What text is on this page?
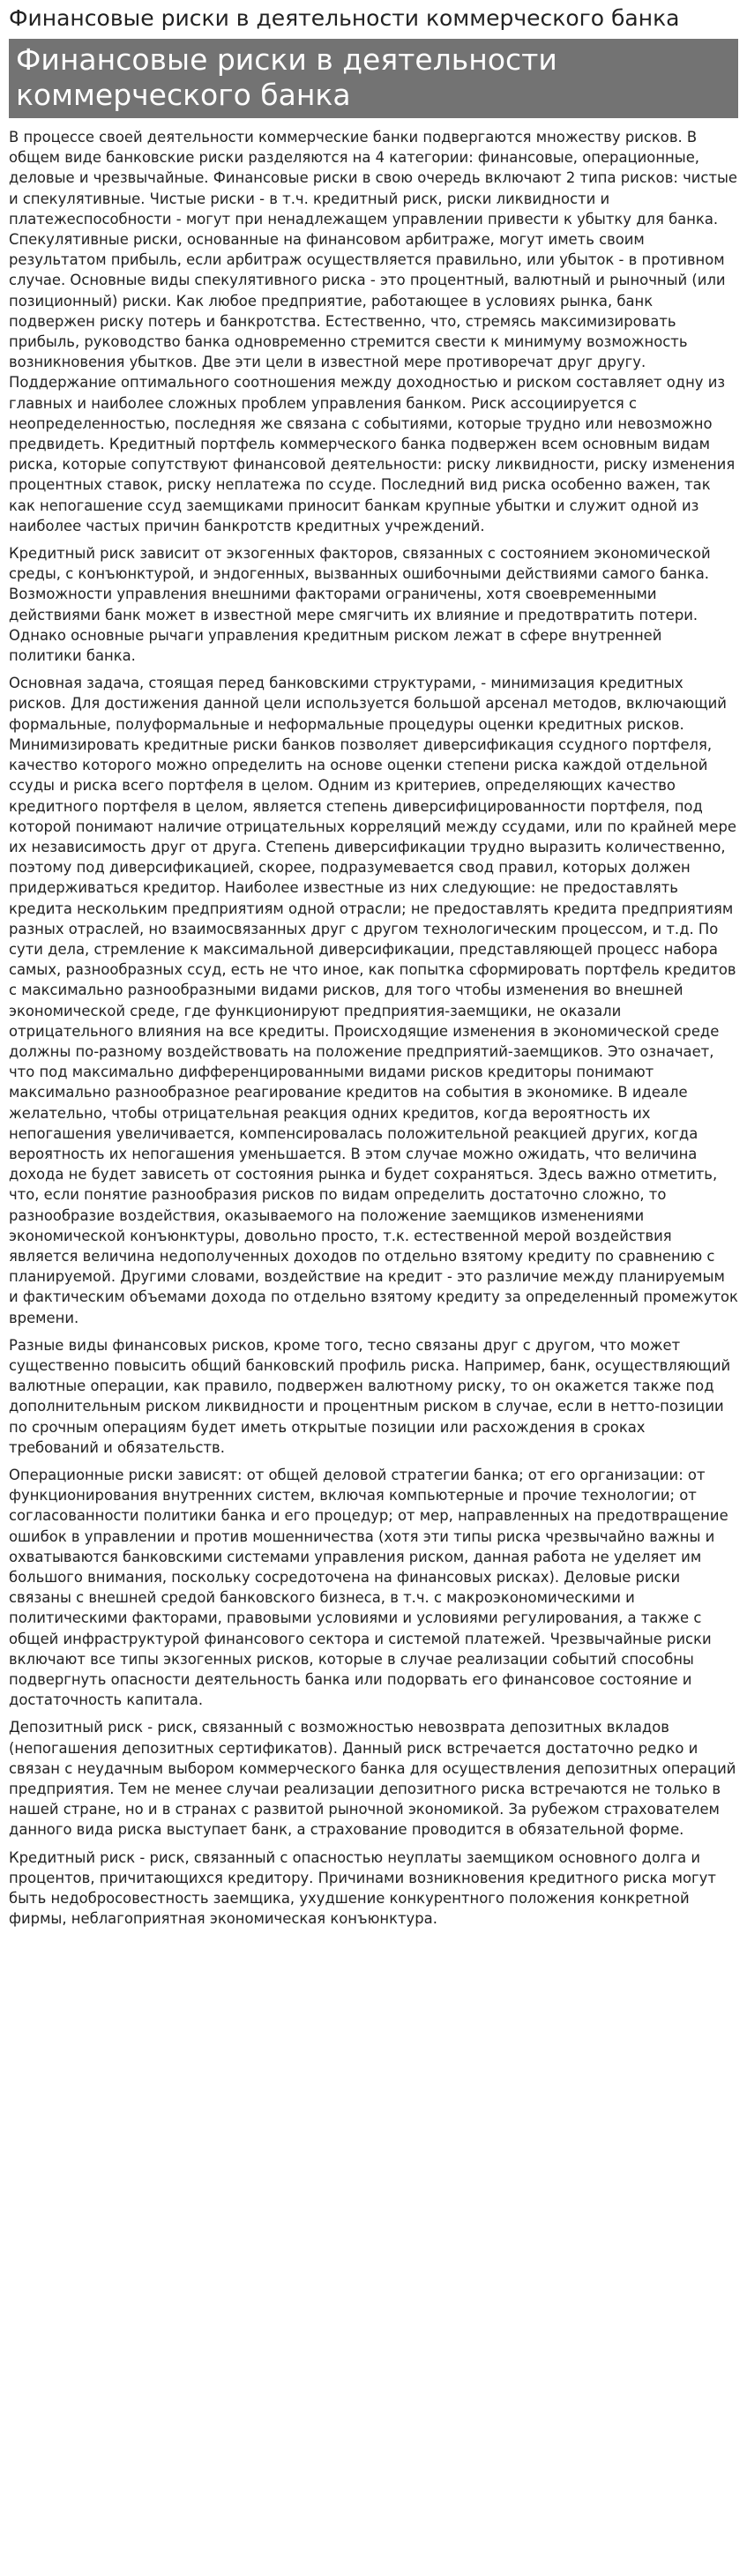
Финансовые риски в деятельности коммерческого банка
Финансовые риски в деятельности коммерческого банка

В процессе своей деятельности коммерческие банки подвергаются множеству рисков. В общем виде банковские риски разделяются на 4 категории: финансовые, операционные, деловые и чрезвычайные. Финансовые риски в свою очередь включают 2 типа рисков: чистые и спекулятивные. Чистые риски - в т.ч. кредитный риск, риски ликвидности и платежеспособности - могут при ненадлежащем управлении привести к убытку для банка. Спекулятивные риски, основанные на финансовом арбитраже, могут иметь своим результатом прибыль, если арбитраж осуществляется правильно, или убыток - в противном случае. Основные виды спекулятивного риска - это процентный, валютный и рыночный (или позиционный) риски. Как любое предприятие, работающее в условиях рынка, банк подвержен риску потерь и банкротства. Естественно, что, стремясь максимизировать прибыль, руководство банка одновременно стремится свести к минимуму возможность возникновения убытков. Две эти цели в известной мере противоречат друг другу. Поддержание оптимального соотношения между доходностью и риском составляет одну из главных и наиболее сложных проблем управления банком. Риск ассоциируется с неопределенностью, последняя же связана с событиями, которые трудно или невозможно предвидеть. Кредитный портфель коммерческого банка подвержен всем основным видам риска, которые сопутствуют финансовой деятельности: риску ликвидности, риску изменения процентных ставок, риску неплатежа по ссуде. Последний вид риска особенно важен, так как непогашение ссуд заемщиками приносит банкам крупные убытки и служит одной из наиболее частых причин банкротств кредитных учреждений.

Кредитный риск зависит от экзогенных факторов, связанных с состоянием экономической среды, с конъюнктурой, и эндогенных, вызванных ошибочными действиями самого банка. Возможности управления внешними факторами ограничены, хотя своевременными действиями банк может в известной мере смягчить их влияние и предотвратить потери. Однако основные рычаги управления кредитным риском лежат в сфере внутренней политики банка.

Основная задача, стоящая перед банковскими структурами, - минимизация кредитных рисков. Для достижения данной цели используется большой арсенал методов, включающий формальные, полуформальные и неформальные процедуры оценки кредитных рисков. Минимизировать кредитные риски банков позволяет диверсификация ссудного портфеля, качество которого можно определить на основе оценки степени риска каждой отдельной ссуды и риска всего портфеля в целом. Одним из критериев, определяющих качество кредитного портфеля в целом, является степень диверсифицированности портфеля, под которой понимают наличие отрицательных корреляций между ссудами, или по крайней мере их независимость друг от друга. Степень диверсификации трудно выразить количественно, поэтому под диверсификацией, скорее, подразумевается свод правил, которых должен придерживаться кредитор. Наиболее известные из них следующие: не предоставлять кредита нескольким предприятиям одной отрасли; не предоставлять кредита предприятиям разных отраслей, но взаимосвязанных друг с другом технологическим процессом, и т.д. По сути дела, стремление к максимальной диверсификации, представляющей процесс набора самых, разнообразных ссуд, есть не что иное, как попытка сформировать портфель кредитов с максимально разнообразными видами рисков, для того чтобы изменения во внешней экономической среде, где функционируют предприятия-заемщики, не оказали отрицательного влияния на все кредиты. Происходящие изменения в экономической среде должны по-разному воздействовать на положение предприятий-заемщиков. Это означает, что под максимально дифференцированными видами рисков кредиторы понимают максимально разнообразное реагирование кредитов на события в экономике. В идеале желательно, чтобы отрицательная реакция одних кредитов, когда вероятность их непогашения увеличивается, компенсировалась положительной реакцией других, когда вероятность их непогашения уменьшается. В этом случае можно ожидать, что величина дохода не будет зависеть от состояния рынка и будет сохраняться. Здесь важно отметить, что, если понятие разнообразия рисков по видам определить достаточно сложно, то разнообразие воздействия, оказываемого на положение заемщиков изменениями экономической конъюнктуры, довольно просто, т.к. естественной мерой воздействия является величина недополученных доходов по отдельно взятому кредиту по сравнению с планируемой. Другими словами, воздействие на кредит - это различие между планируемым и фактическим объемами дохода по отдельно взятому кредиту за определенный промежуток времени.

Разные виды финансовых рисков, кроме того, тесно связаны друг с другом, что может существенно повысить общий банковский профиль риска. Например, банк, осуществляющий валютные операции, как правило, подвержен валютному риску, то он окажется также под дополнительным риском ликвидности и процентным риском в случае, если в нетто-позиции по срочным операциям будет иметь открытые позиции или расхождения в сроках требований и обязательств.

Операционные риски зависят: от общей деловой стратегии банка; от его организации: от функционирования внутренних систем, включая компьютерные и прочие технологии; от согласованности политики банка и его процедур; от мер, направленных на предотвращение ошибок в управлении и против мошенничества (хотя эти типы риска чрезвычайно важны и охватываются банковскими системами управления риском, данная работа не уделяет им большого внимания, поскольку сосредоточена на финансовых рисках). Деловые риски связаны с внешней средой банковского бизнеса, в т.ч. с макроэкономическими и политическими факторами, правовыми условиями и условиями регулирования, а также с общей инфраструктурой финансового сектора и системой платежей. Чрезвычайные риски включают все типы экзогенных рисков, которые в случае реализации событий способны подвергнуть опасности деятельность банка или подорвать его финансовое состояние и достаточность капитала.

Депозитный риск - риск, связанный с возможностью невозврата депозитных вкладов (непогашения депозитных сертификатов). Данный риск встречается достаточно редко и связан с неудачным выбором коммерческого банка для осуществления депозитных операций предприятия. Тем не менее случаи реализации депозитного риска встречаются не только в нашей стране, но и в странах с развитой рыночной экономикой. За рубежом страхователем данного вида риска выступает банк, а страхование проводится в обязательной форме.

Кредитный риск - риск, связанный с опасностью неуплаты заемщиком основного долга и процентов, причитающихся кредитору. Причинами возникновения кредитного риска могут быть недобросовестность заемщика, ухудшение конкурентного положения конкретной фирмы, неблагоприятная экономическая конъюнктура.
